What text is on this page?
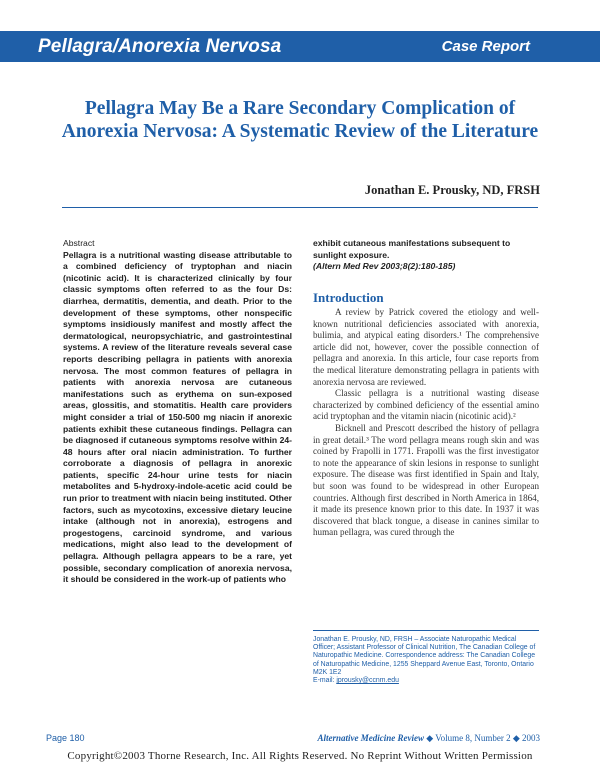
Pellagra/Anorexia Nervosa	Case Report
Pellagra May Be a Rare Secondary Complication of Anorexia Nervosa: A Systematic Review of the Literature
Jonathan E. Prousky, ND, FRSH
Abstract
Pellagra is a nutritional wasting disease attributable to a combined deficiency of tryptophan and niacin (nicotinic acid). It is characterized clinically by four classic symptoms often referred to as the four Ds: diarrhea, dermatitis, dementia, and death. Prior to the development of these symptoms, other nonspecific symptoms insidiously manifest and mostly affect the dermatological, neuropsychiatric, and gastrointestinal systems. A review of the literature reveals several case reports describing pellagra in patients with anorexia nervosa. The most common features of pellagra in patients with anorexia nervosa are cutaneous manifestations such as erythema on sun-exposed areas, glossitis, and stomatitis. Health care providers might consider a trial of 150-500 mg niacin if anorexic patients exhibit these cutaneous findings. Pellagra can be diagnosed if cutaneous symptoms resolve within 24-48 hours after oral niacin administration. To further corroborate a diagnosis of pellagra in anorexic patients, specific 24-hour urine tests for niacin metabolites and 5-hydroxy-indole-acetic acid could be run prior to treatment with niacin being instituted. Other factors, such as mycotoxins, excessive dietary leucine intake (although not in anorexia), estrogens and progestogens, carcinoid syndrome, and various medications, might also lead to the development of pellagra. Although pellagra appears to be a rare, yet possible, secondary complication of anorexia nervosa, it should be considered in the work-up of patients who
exhibit cutaneous manifestations subsequent to sunlight exposure.
(Altern Med Rev 2003;8(2):180-185)
Introduction

A review by Patrick covered the etiology and well-known nutritional deficiencies associated with anorexia, bulimia, and atypical eating disorders.¹ The comprehensive article did not, however, cover the possible connection of pellagra and anorexia. In this article, four case reports from the medical literature demonstrating pellagra in patients with anorexia nervosa are reviewed.

Classic pellagra is a nutritional wasting disease characterized by combined deficiency of the essential amino acid tryptophan and the vitamin niacin (nicotinic acid).²

Bicknell and Prescott described the history of pellagra in great detail.³ The word pellagra means rough skin and was coined by Frapolli in 1771. Frapolli was the first investigator to note the appearance of skin lesions in response to sunlight exposure. The disease was first identified in Spain and Italy, but soon was found to be widespread in other European countries. Although first described in North America in 1864, it made its presence known prior to this date. In 1937 it was discovered that black tongue, a disease in canines similar to human pellagra, was cured through the

Jonathan E. Prousky, ND, FRSH – Associate Naturopathic Medical Officer; Assistant Professor of Clinical Nutrition, The Canadian College of Naturopathic Medicine. Correspondence address: The Canadian College of Naturopathic Medicine, 1255 Sheppard Avenue East, Toronto, Ontario M2K 1E2
E-mail: jprousky@ccnm.edu
Page 180	Alternative Medicine Review ◆ Volume 8, Number 2 ◆ 2003
Copyright©2003 Thorne Research, Inc. All Rights Reserved. No Reprint Without Written Permission
